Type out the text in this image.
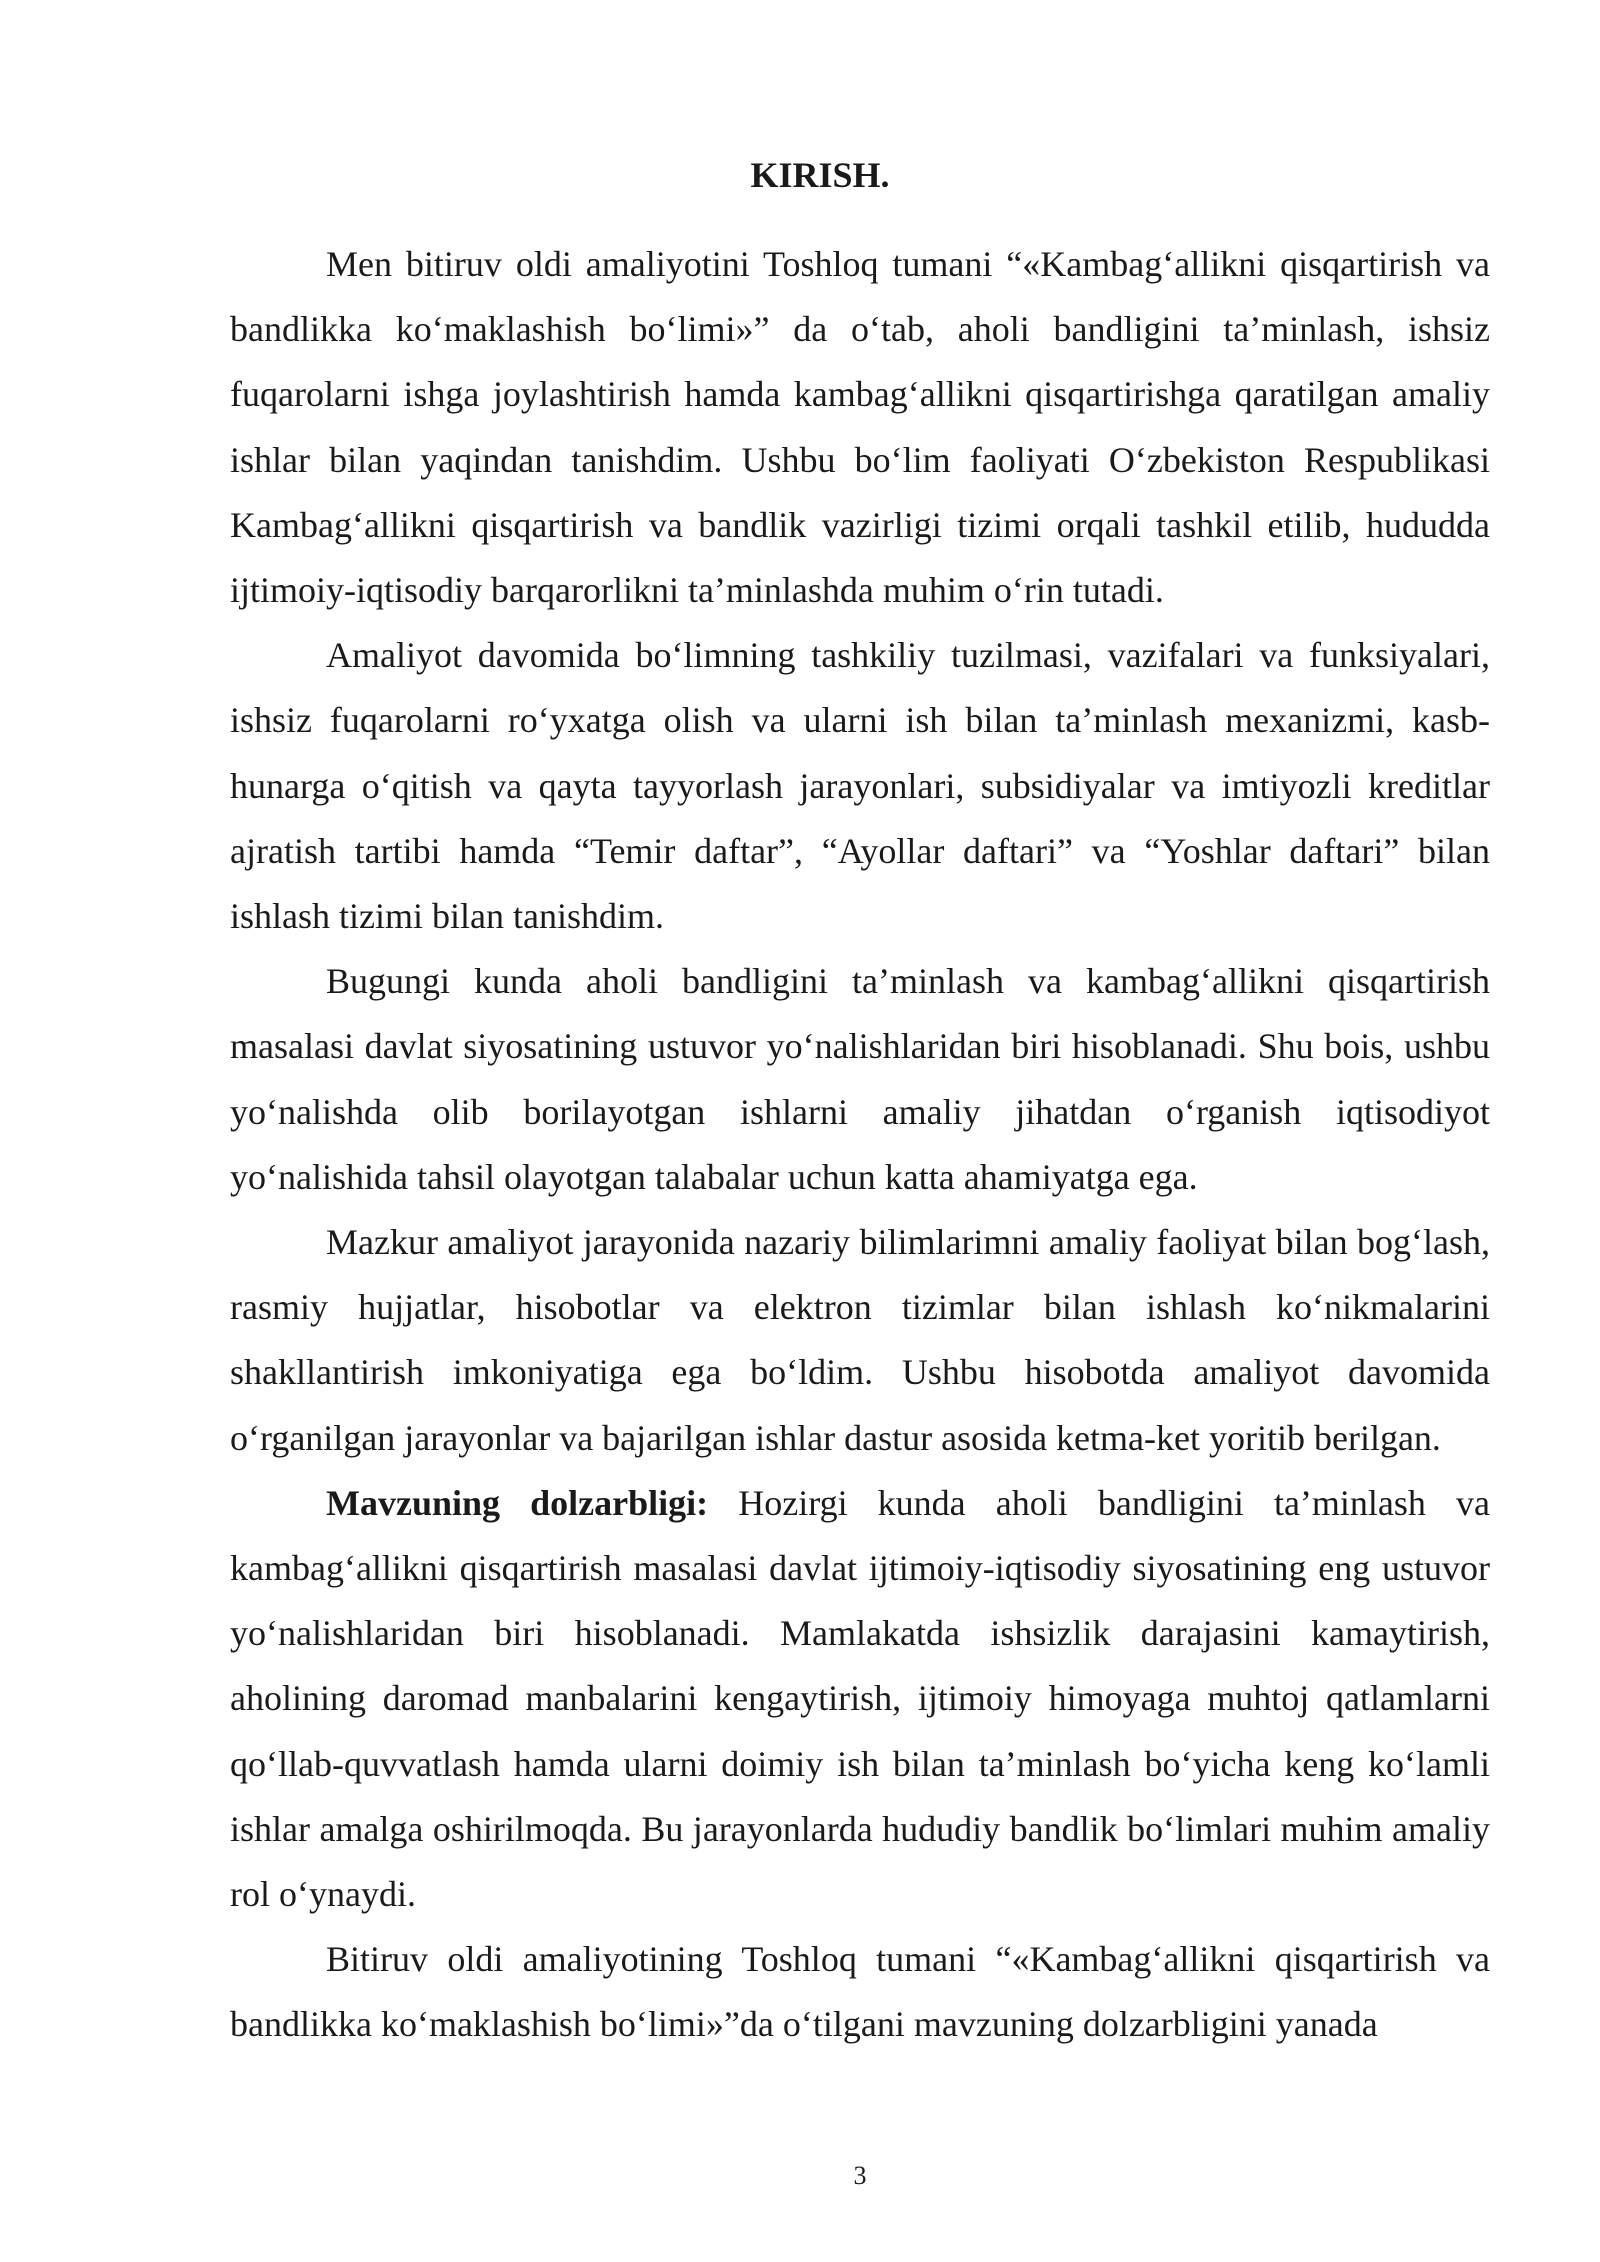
KIRISH.

Men bitiruv oldi amaliyotini Toshloq tumani “«Kambag‘allikni qisqartirish va bandlikka ko‘maklashish bo‘limi»” da o‘tab, aholi bandligini ta’minlash, ishsiz fuqarolarni ishga joylashtirish hamda kambag‘allikni qisqartirishga qaratilgan amaliy ishlar bilan yaqindan tanishdim. Ushbu bo‘lim faoliyati O‘zbekiston Respublikasi Kambag‘allikni qisqartirish va bandlik vazirligi tizimi orqali tashkil etilib, hududda ijtimoiy-iqtisodiy barqarorlikni ta’minlashda muhim o‘rin tutadi.

Amaliyot davomida bo‘limning tashkiliy tuzilmasi, vazifalari va funksiyalari, ishsiz fuqarolarni ro‘yxatga olish va ularni ish bilan ta’minlash mexanizmi, kasb-hunarga o‘qitish va qayta tayyorlash jarayonlari, subsidiyalar va imtiyozli kreditlar ajratish tartibi hamda “Temir daftar”, “Ayollar daftari” va “Yoshlar daftari” bilan ishlash tizimi bilan tanishdim.

Bugungi kunda aholi bandligini ta’minlash va kambag‘allikni qisqartirish masalasi davlat siyosatining ustuvor yo‘nalishlaridan biri hisoblanadi. Shu bois, ushbu yo‘nalishda olib borilayotgan ishlarni amaliy jihatdan o‘rganish iqtisodiyot yo‘nalishida tahsil olayotgan talabalar uchun katta ahamiyatga ega.

Mazkur amaliyot jarayonida nazariy bilimlarimni amaliy faoliyat bilan bog‘lash, rasmiy hujjatlar, hisobotlar va elektron tizimlar bilan ishlash ko‘nikmalarini shakllantirish imkoniyatiga ega bo‘ldim. Ushbu hisobotda amaliyot davomida o‘rganilgan jarayonlar va bajarilgan ishlar dastur asosida ketma-ket yoritib berilgan.

Mavzuning dolzarbligi: Hozirgi kunda aholi bandligini ta’minlash va kambag‘allikni qisqartirish masalasi davlat ijtimoiy-iqtisodiy siyosatining eng ustuvor yo‘nalishlaridan biri hisoblanadi. Mamlakatda ishsizlik darajasini kamaytirish, aholining daromad manbalarini kengaytirish, ijtimoiy himoyaga muhtoj qatlamlarni qo‘llab-quvvatlash hamda ularni doimiy ish bilan ta’minlash bo‘yicha keng ko‘lamli ishlar amalga oshirilmoqda. Bu jarayonlarda hududiy bandlik bo‘limlari muhim amaliy rol o‘ynaydi.

Bitiruv oldi amaliyotining Toshloq tumani “«Kambag‘allikni qisqartirish va bandlikka ko‘maklashish bo‘limi»”da o‘tilgani mavzuning dolzarbligini yanada

3
